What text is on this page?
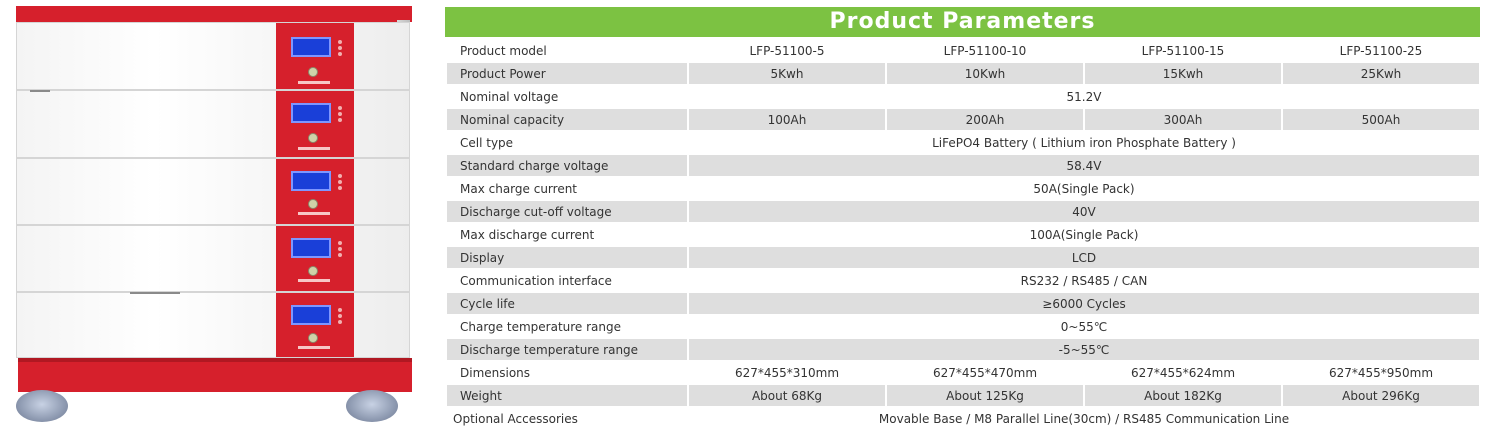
Product Parameters
Product model	LFP-51100-5	LFP-51100-10	LFP-51100-15	LFP-51100-25
Product Power	5Kwh	10Kwh	15Kwh	25Kwh
Nominal voltage	51.2V			
Nominal capacity	100Ah	200Ah	300Ah	500Ah
Cell type	LiFePO4 Battery ( Lithium iron Phosphate Battery )			
Standard charge voltage	58.4V			
Max charge current	50A(Single Pack)			
Discharge cut-off voltage	40V			
Max discharge current	100A(Single Pack)			
Display	LCD			
Communication interface	RS232 / RS485 / CAN			
Cycle life	≥6000 Cycles			
Charge temperature range	0~55℃			
Discharge temperature range	-5~55℃			
Dimensions	627*455*310mm	627*455*470mm	627*455*624mm	627*455*950mm
Weight	About 68Kg	About 125Kg	About 182Kg	About 296Kg
Optional Accessories	Movable Base / M8 Parallel Line(30cm) / RS485 Communication Line			
